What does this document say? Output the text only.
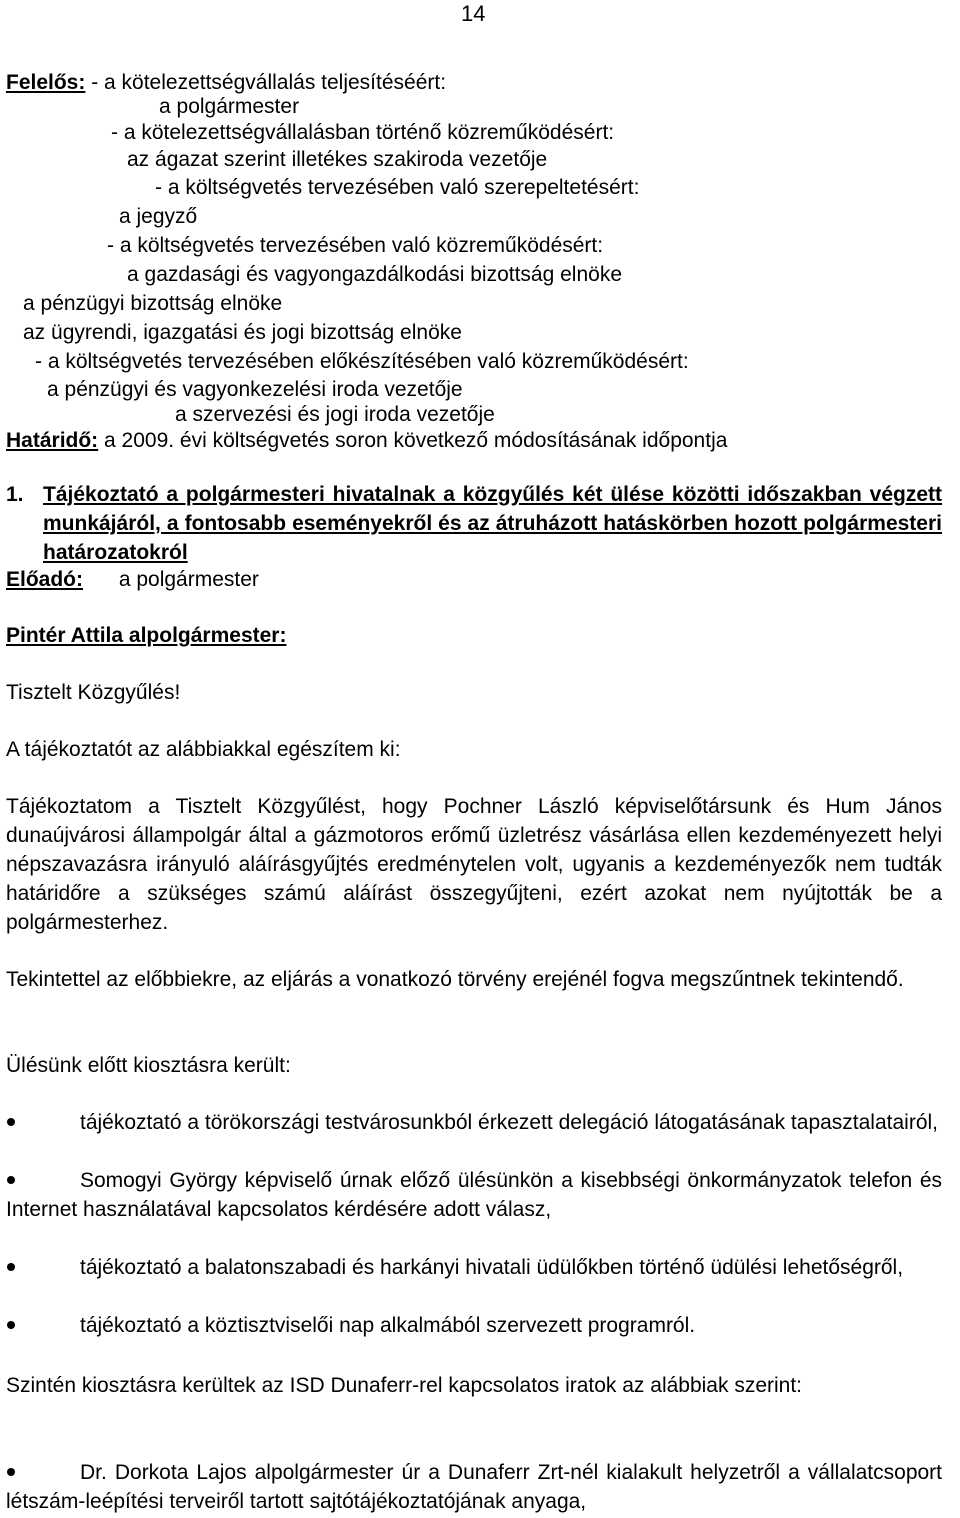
14
Felelős: - a kötelezettségvállalás teljesítéséért:
a polgármester
- a kötelezettségvállalásban történő közreműködésért:
az ágazat szerint illetékes szakiroda vezetője
- a költségvetés tervezésében való szerepeltetésért:
a jegyző
- a költségvetés tervezésében való közreműködésért:
a gazdasági és vagyongazdálkodási bizottság elnöke
a pénzügyi bizottság elnöke
az ügyrendi, igazgatási és jogi bizottság elnöke
- a költségvetés tervezésében előkészítésében való közreműködésért:
a pénzügyi és vagyonkezelési iroda vezetője
a szervezési és jogi iroda vezetője
Határidő: a 2009. évi költségvetés soron következő módosításának időpontja
1. Tájékoztató a polgármesteri hivatalnak a közgyűlés két ülése közötti időszakban végzett munkájáról, a fontosabb eseményekről és az átruházott hatáskörben hozott polgármesteri határozatokról
Előadó: a polgármester
Pintér Attila alpolgármester:
Tisztelt Közgyűlés!
A tájékoztatót az alábbiakkal egészítem ki:
Tájékoztatom a Tisztelt Közgyűlést, hogy Pochner László képviselőtársunk és Hum János dunaújvárosi állampolgár által a gázmotoros erőmű üzletrész vásárlása ellen kezdeményezett helyi népszavazásra irányuló aláírásgyűjtés eredménytelen volt, ugyanis a kezdeményezők nem tudták határidőre a szükséges számú aláírást összegyűjteni, ezért azokat nem nyújtották be a polgármesterhez.
Tekintettel az előbbiekre, az eljárás a vonatkozó törvény erejénél fogva megszűntnek tekintendő.
Ülésünk előtt kiosztásra került:
tájékoztató a törökországi testvárosunkból érkezett delegáció látogatásának tapasztalatairól,
Somogyi György képviselő úrnak előző ülésünkön a kisebbségi önkormányzatok telefon és Internet használatával kapcsolatos kérdésére adott válasz,
tájékoztató a balatonszabadi és harkányi hivatali üdülőkben történő üdülési lehetőségről,
tájékoztató a köztisztviselői nap alkalmából szervezett programról.
Szintén kiosztásra kerültek az ISD Dunaferr-rel kapcsolatos iratok az alábbiak szerint:
Dr. Dorkota Lajos alpolgármester úr a Dunaferr Zrt-nél kialakult helyzetről a vállalatcsoport létszám-leépítési terveiről tartott sajtótájékoztatójának anyaga,
